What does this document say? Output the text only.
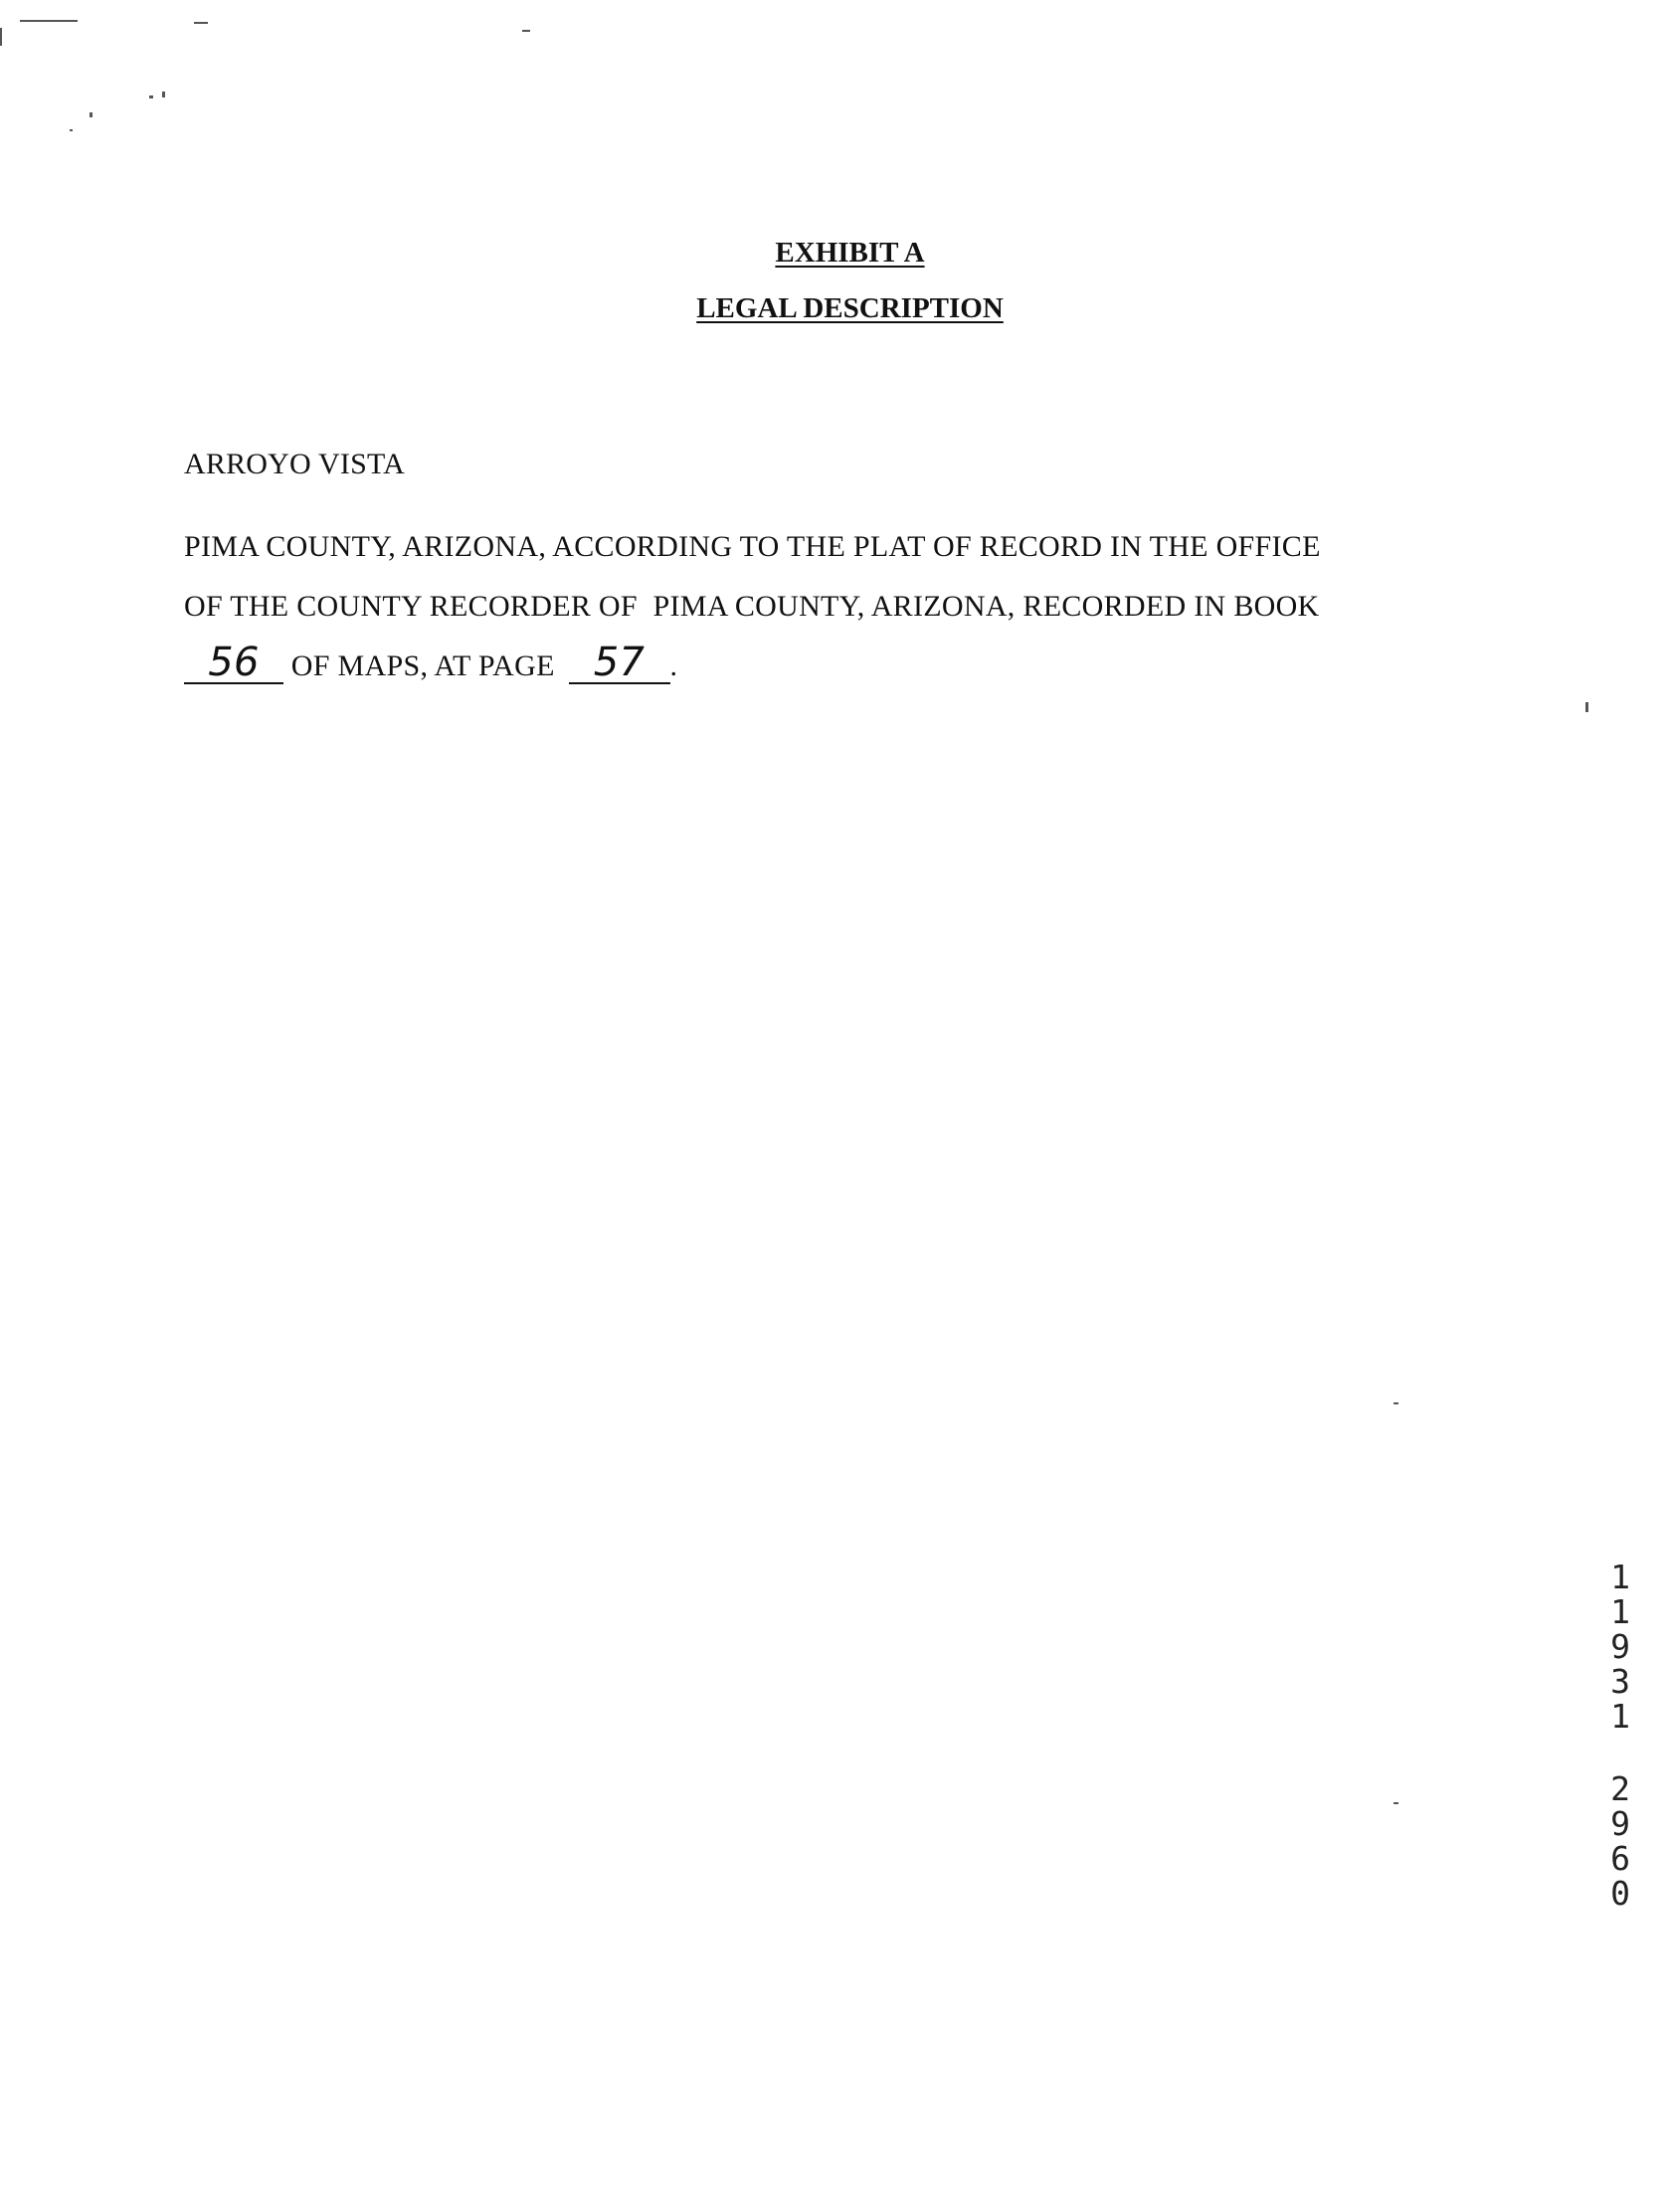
EXHIBIT A
LEGAL DESCRIPTION
ARROYO VISTA
PIMA COUNTY, ARIZONA, ACCORDING TO THE PLAT OF RECORD IN THE OFFICE
OF THE COUNTY RECORDER OF  PIMA COUNTY, ARIZONA, RECORDED IN BOOK
56 OF MAPS, AT PAGE 57 .
1
1
9
3
1
2
9
6
0
